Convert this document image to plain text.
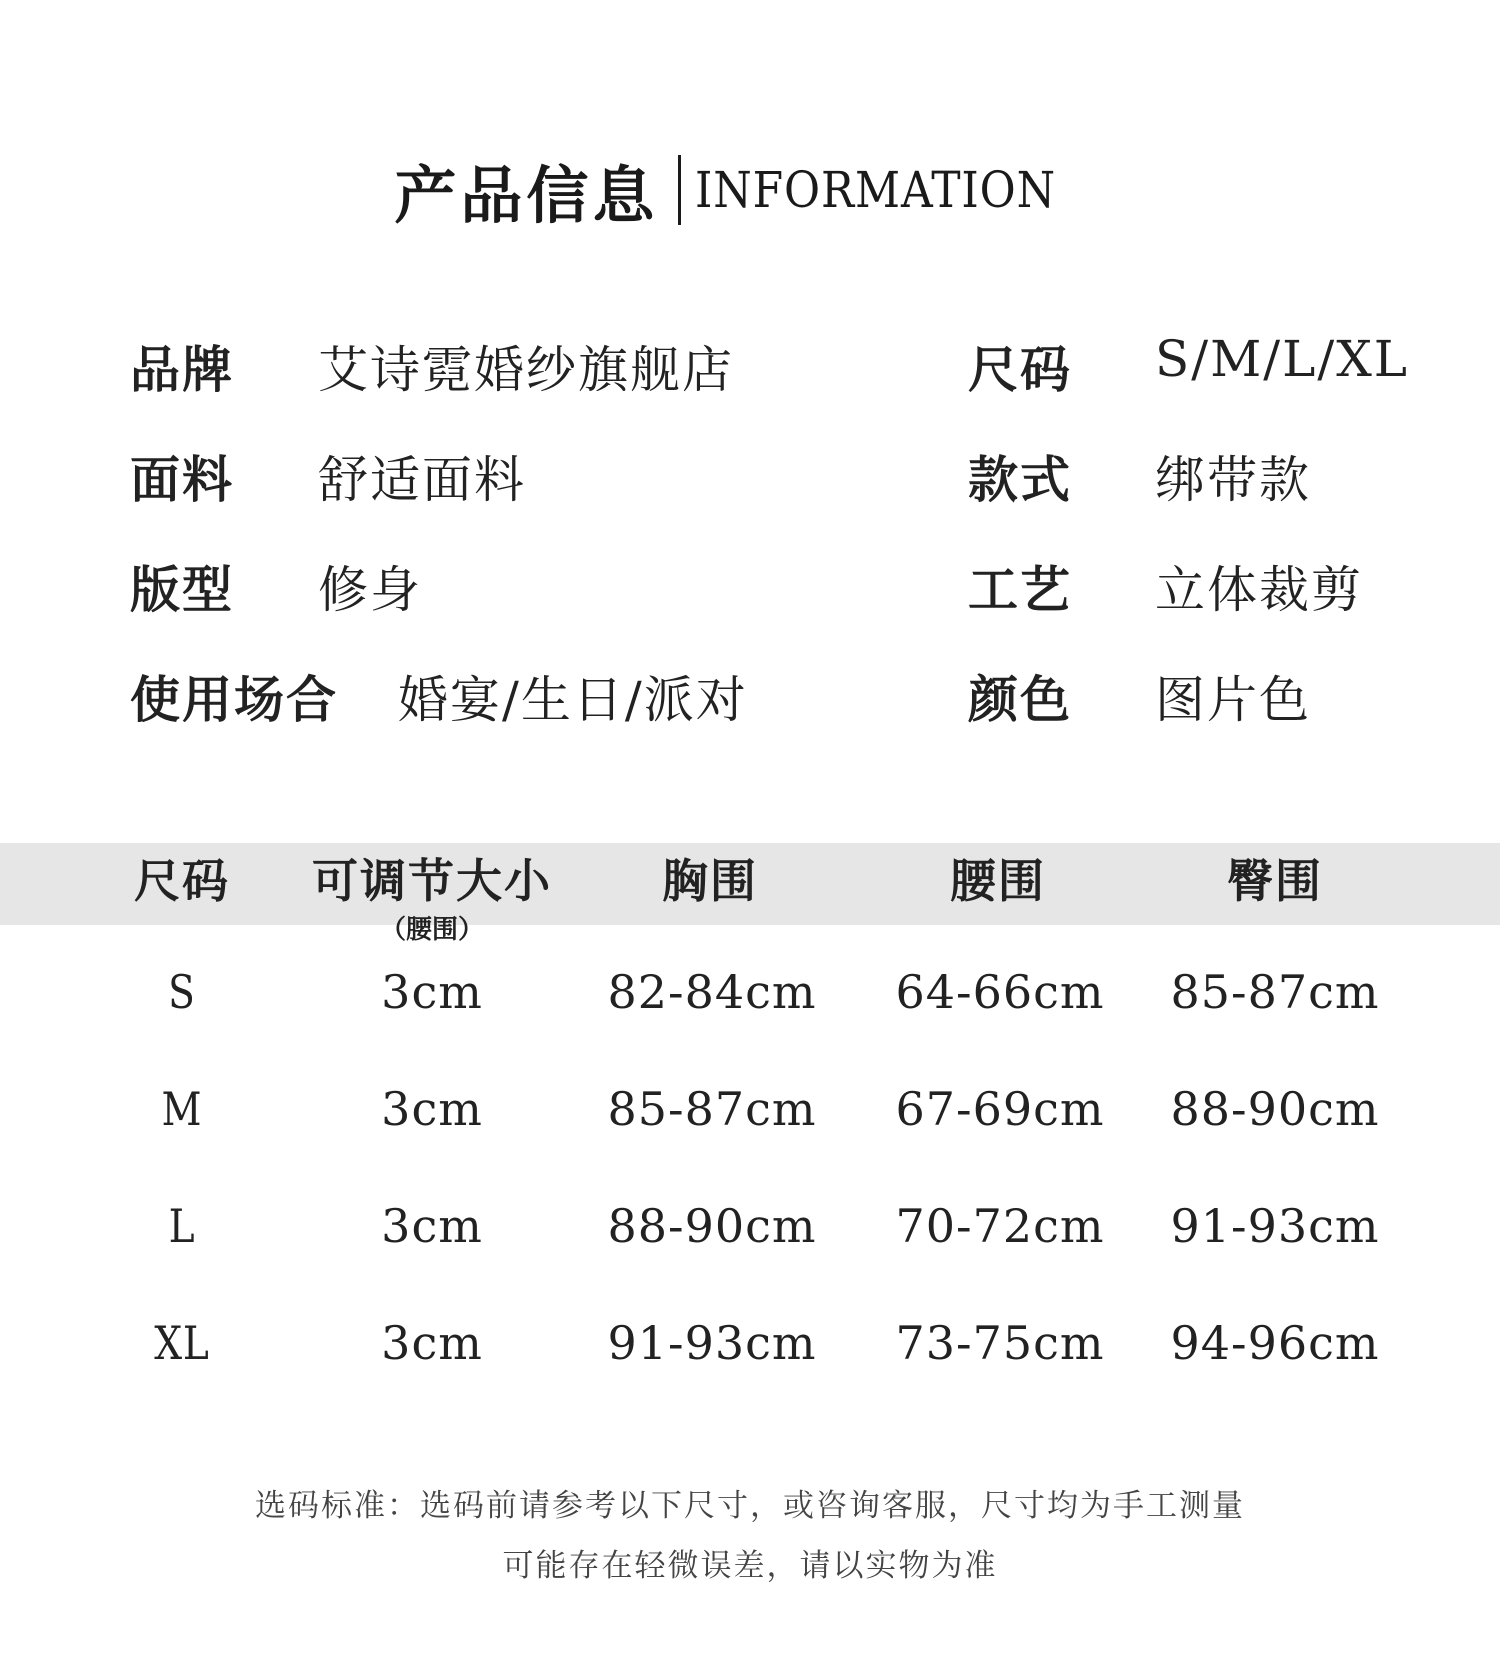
产品信息 INFORMATION
品牌 艾诗霓婚纱旗舰店	尺码 S/M/L/XL
面料 舒适面料	款式 绑带款
版型 修身	工艺 立体裁剪
使用场合 婚宴/生日/派对	颜色 图片色
尺码 可调节大小 胸围	腰围	臀围
（腰围）
S	3cm	82-84cm 64-66cm 85-87cm
M	3cm	85-87cm 67-69cm 88-90cm
L	3cm	88-90cm 70-72cm 91-93cm
XL	3cm	91-93cm 73-75cm 94-96cm
选码标准：选码前请参考以下尺寸，或咨询客服，尺寸均为手工测量
可能存在轻微误差，请以实物为准
